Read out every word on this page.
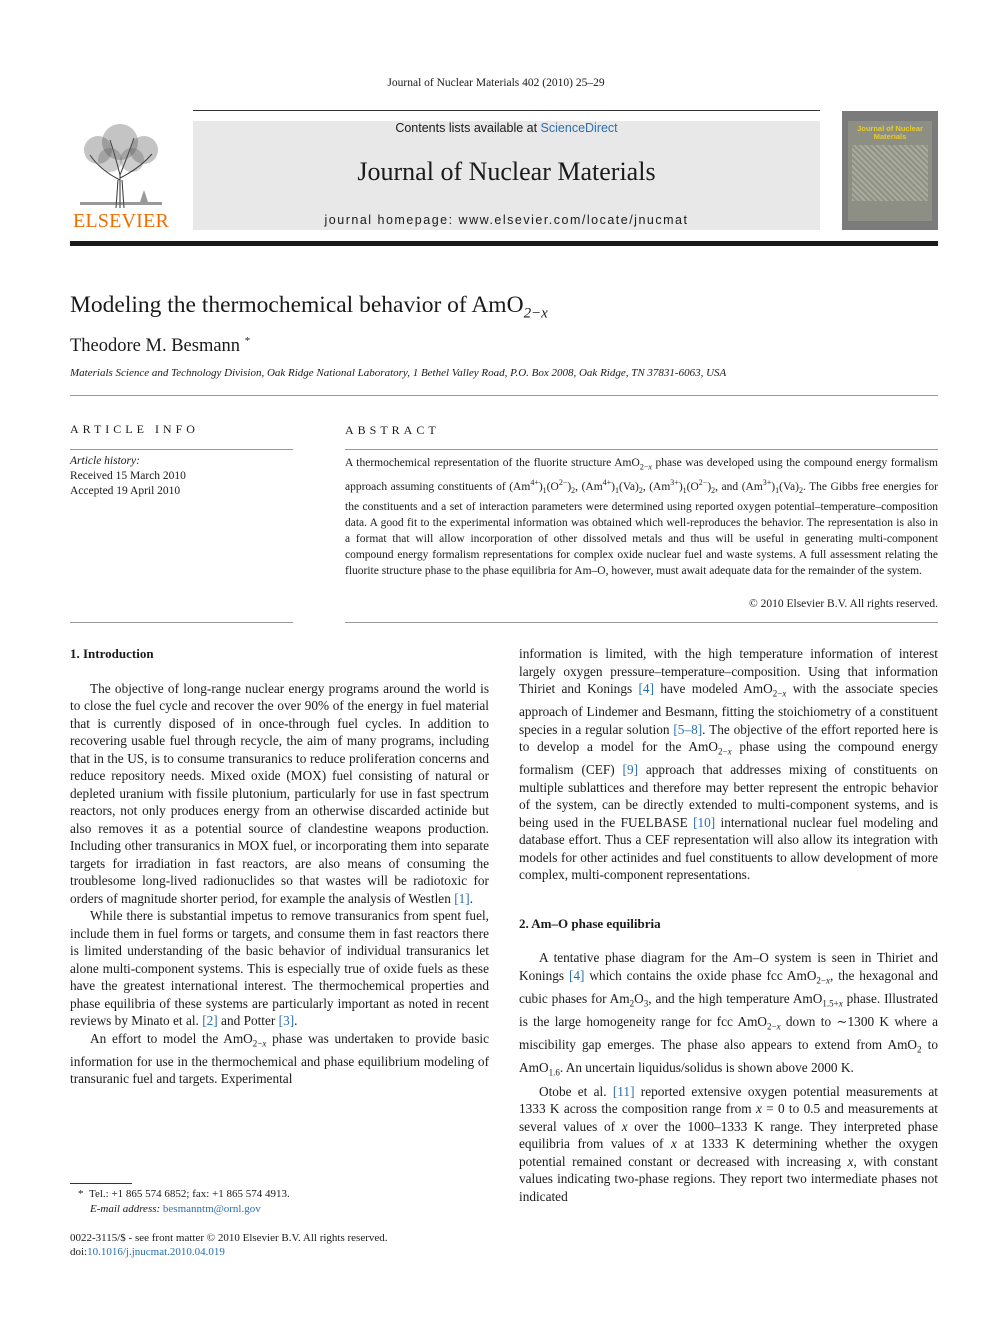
Journal of Nuclear Materials 402 (2010) 25–29
ELSEVIER
Contents lists available at ScienceDirect
Journal of Nuclear Materials
journal homepage: www.elsevier.com/locate/jnucmat
Journal of Nuclear Materials
Modeling the thermochemical behavior of AmO$_{2-x}$
Theodore M. Besmann *
Materials Science and Technology Division, Oak Ridge National Laboratory, 1 Bethel Valley Road, P.O. Box 2008, Oak Ridge, TN 37831-6063, USA
ARTICLE INFO	ABSTRACT
Article history:
Received 15 March 2010
Accepted 19 April 2010
A thermochemical representation of the fluorite structure AmO$_{2-x}$ phase was developed using the compound energy formalism approach assuming constituents of $(Am^{4+})_1(O^{2-})_2$, $(Am^{4+})_1(Va)_2$, $(Am^{3+})_1(O^{2-})_2$, and $(Am^{3+})_1(Va)_2$. The Gibbs free energies for the constituents and a set of interaction parameters were determined using reported oxygen potential–temperature–composition data. A good fit to the experimental information was obtained which well-reproduces the behavior. The representation is also in a format that will allow incorporation of other dissolved metals and thus will be useful in generating multi-component compound energy formalism representations for complex oxide nuclear fuel and waste systems. A full assessment relating the fluorite structure phase to the phase equilibria for Am–O, however, must await adequate data for the remainder of the system.
© 2010 Elsevier B.V. All rights reserved.
1. Introduction

The objective of long-range nuclear energy programs around the world is to close the fuel cycle and recover the over 90% of the energy in fuel material that is currently disposed of in once-through fuel cycles. In addition to recovering usable fuel through recycle, the aim of many programs, including that in the US, is to consume transuranics to reduce proliferation concerns and reduce repository needs. Mixed oxide (MOX) fuel consisting of natural or depleted uranium with fissile plutonium, particularly for use in fast spectrum reactors, not only produces energy from an otherwise discarded actinide but also removes it as a potential source of clandestine weapons production. Including other transuranics in MOX fuel, or incorporating them into separate targets for irradiation in fast reactors, are also means of consuming the troublesome long-lived radionuclides so that wastes will be radiotoxic for orders of magnitude shorter period, for example the analysis of Westlen [1].

While there is substantial impetus to remove transuranics from spent fuel, include them in fuel forms or targets, and consume them in fast reactors there is limited understanding of the basic behavior of individual transuranics let alone multi-component systems. This is especially true of oxide fuels as these have the greatest international interest. The thermochemical properties and phase equilibria of these systems are particularly important as noted in recent reviews by Minato et al. [2] and Potter [3].

An effort to model the AmO$_{2-x}$ phase was undertaken to provide basic information for use in the thermochemical and phase equilibrium modeling of transuranic fuel and targets. Experimental

information is limited, with the high temperature information of interest largely oxygen pressure–temperature–composition. Using that information Thiriet and Konings [4] have modeled AmO$_{2-x}$ with the associate species approach of Lindemer and Besmann, fitting the stoichiometry of a constituent species in a regular solution [5–8]. The objective of the effort reported here is to develop a model for the AmO$_{2-x}$ phase using the compound energy formalism (CEF) [9] approach that addresses mixing of constituents on multiple sublattices and therefore may better represent the entropic behavior of the system, can be directly extended to multi-component systems, and is being used in the FUELBASE [10] international nuclear fuel modeling and database effort. Thus a CEF representation will also allow its integration with models for other actinides and fuel constituents to allow development of more complex, multi-component representations.

2. Am–O phase equilibria

A tentative phase diagram for the Am–O system is seen in Thiriet and Konings [4] which contains the oxide phase fcc AmO$_{2-x}$, the hexagonal and cubic phases for $Am_2O_3$, and the high temperature AmO$_{1.5+x}$ phase. Illustrated is the large homogeneity range for fcc AmO$_{2-x}$ down to ∼1300 K where a miscibility gap emerges. The phase also appears to extend from AmO$_2$ to AmO$_{1.6}$. An uncertain liquidus/solidus is shown above 2000 K.

Otobe et al. [11] reported extensive oxygen potential measurements at 1333 K across the composition range from x = 0 to 0.5 and measurements at several values of x over the 1000–1333 K range. They interpreted phase equilibria from values of x at 1333 K determining whether the oxygen potential remained constant or decreased with increasing x, with constant values indicating two-phase regions. They report two intermediate phases not indicated

* Tel.: +1 865 574 6852; fax: +1 865 574 4913.
E-mail address: besmanntm@ornl.gov
0022-3115/$ - see front matter © 2010 Elsevier B.V. All rights reserved.
doi:10.1016/j.jnucmat.2010.04.019
